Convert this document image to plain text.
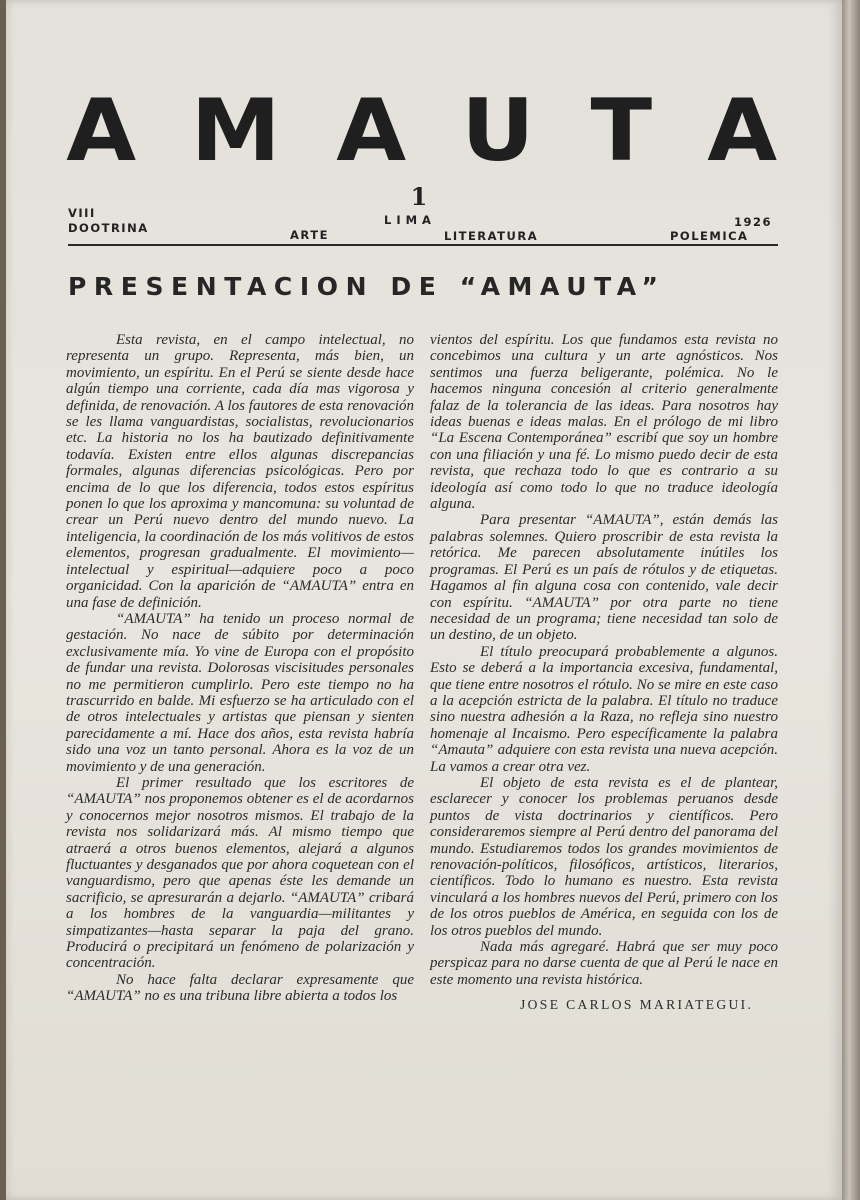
A M A U T A
1
VIII
DOOTRINA	ARTE
LIMA
LITERATURA
1926
POLEMICA
PRESENTACION DE “AMAUTA”

Esta revista, en el campo intelectual, no representa un grupo. Representa, más bien, un movimiento, un espíritu. En el Perú se siente desde hace algún tiempo una corriente, cada día mas vigorosa y definida, de renovación. A los fautores de esta renovación se les llama vanguardistas, socialistas, revolucionarios etc. La historia no los ha bautizado definitivamente todavía. Existen entre ellos algunas discrepancias formales, algunas diferencias psicológicas. Pero por encima de lo que los diferencia, todos estos espíritus ponen lo que los aproxima y mancomuna: su voluntad de crear un Perú nuevo dentro del mundo nuevo. La inteligencia, la coordinación de los más volitivos de estos elementos, progresan gradualmente. El movimiento—intelectual y espiritual—adquiere poco a poco organicidad. Con la aparición de “AMAUTA” entra en una fase de definición.

“AMAUTA” ha tenido un proceso normal de gestación. No nace de súbito por determinación exclusivamente mía. Yo vine de Europa con el propósito de fundar una revista. Dolorosas viscisitudes personales no me permitieron cumplirlo. Pero este tiempo no ha trascurrido en balde. Mi esfuerzo se ha articulado con el de otros intelectuales y artistas que piensan y sienten parecidamente a mí. Hace dos años, esta revista habría sido una voz un tanto personal. Ahora es la voz de un movimiento y de una generación.

El primer resultado que los escritores de “AMAUTA” nos proponemos obtener es el de acordarnos y conocernos mejor nosotros mismos. El trabajo de la revista nos solidarizará más. Al mismo tiempo que atraerá a otros buenos elementos, alejará a algunos fluctuantes y desganados que por ahora coquetean con el vanguardismo, pero que apenas éste les demande un sacrificio, se apresurarán a dejarlo. “AMAUTA” cribará a los hombres de la vanguardia—militantes y simpatizantes—hasta separar la paja del grano. Producirá o precipitará un fenómeno de polarización y concentración.

No hace falta declarar expresamente que “AMAUTA” no es una tribuna libre abierta a todos los

vientos del espíritu. Los que fundamos esta revista no concebimos una cultura y un arte agnósticos. Nos sentimos una fuerza beligerante, polémica. No le hacemos ninguna concesión al criterio generalmente falaz de la tolerancia de las ideas. Para nosotros hay ideas buenas e ideas malas. En el prólogo de mi libro “La Escena Contemporánea” escribí que soy un hombre con una filiación y una fé. Lo mismo puedo decir de esta revista, que rechaza todo lo que es contrario a su ideología así como todo lo que no traduce ideología alguna.

Para presentar “AMAUTA”, están demás las palabras solemnes. Quiero proscribir de esta revista la retórica. Me parecen absolutamente inútiles los programas. El Perú es un país de rótulos y de etiquetas. Hagamos al fin alguna cosa con contenido, vale decir con espíritu. “AMAUTA” por otra parte no tiene necesidad de un programa; tiene necesidad tan solo de un destino, de un objeto.

El título preocupará probablemente a algunos. Esto se deberá a la importancia excesiva, fundamental, que tiene entre nosotros el rótulo. No se mire en este caso a la acepción estricta de la palabra. El título no traduce sino nuestra adhesión a la Raza, no refleja sino nuestro homenaje al Incaismo. Pero específicamente la palabra “Amauta” adquiere con esta revista una nueva acepción. La vamos a crear otra vez.

El objeto de esta revista es el de plantear, esclarecer y conocer los problemas peruanos desde puntos de vista doctrinarios y científicos. Pero consideraremos siempre al Perú dentro del panorama del mundo. Estudiaremos todos los grandes movimientos de renovación-políticos, filosóficos, artísticos, literarios, científicos. Todo lo humano es nuestro. Esta revista vinculará a los hombres nuevos del Perú, primero con los de los otros pueblos de América, en seguida con los de los otros pueblos del mundo.

Nada más agregaré. Habrá que ser muy poco perspicaz para no darse cuenta de que al Perú le nace en este momento una revista histórica.

JOSE CARLOS MARIATEGUI.
